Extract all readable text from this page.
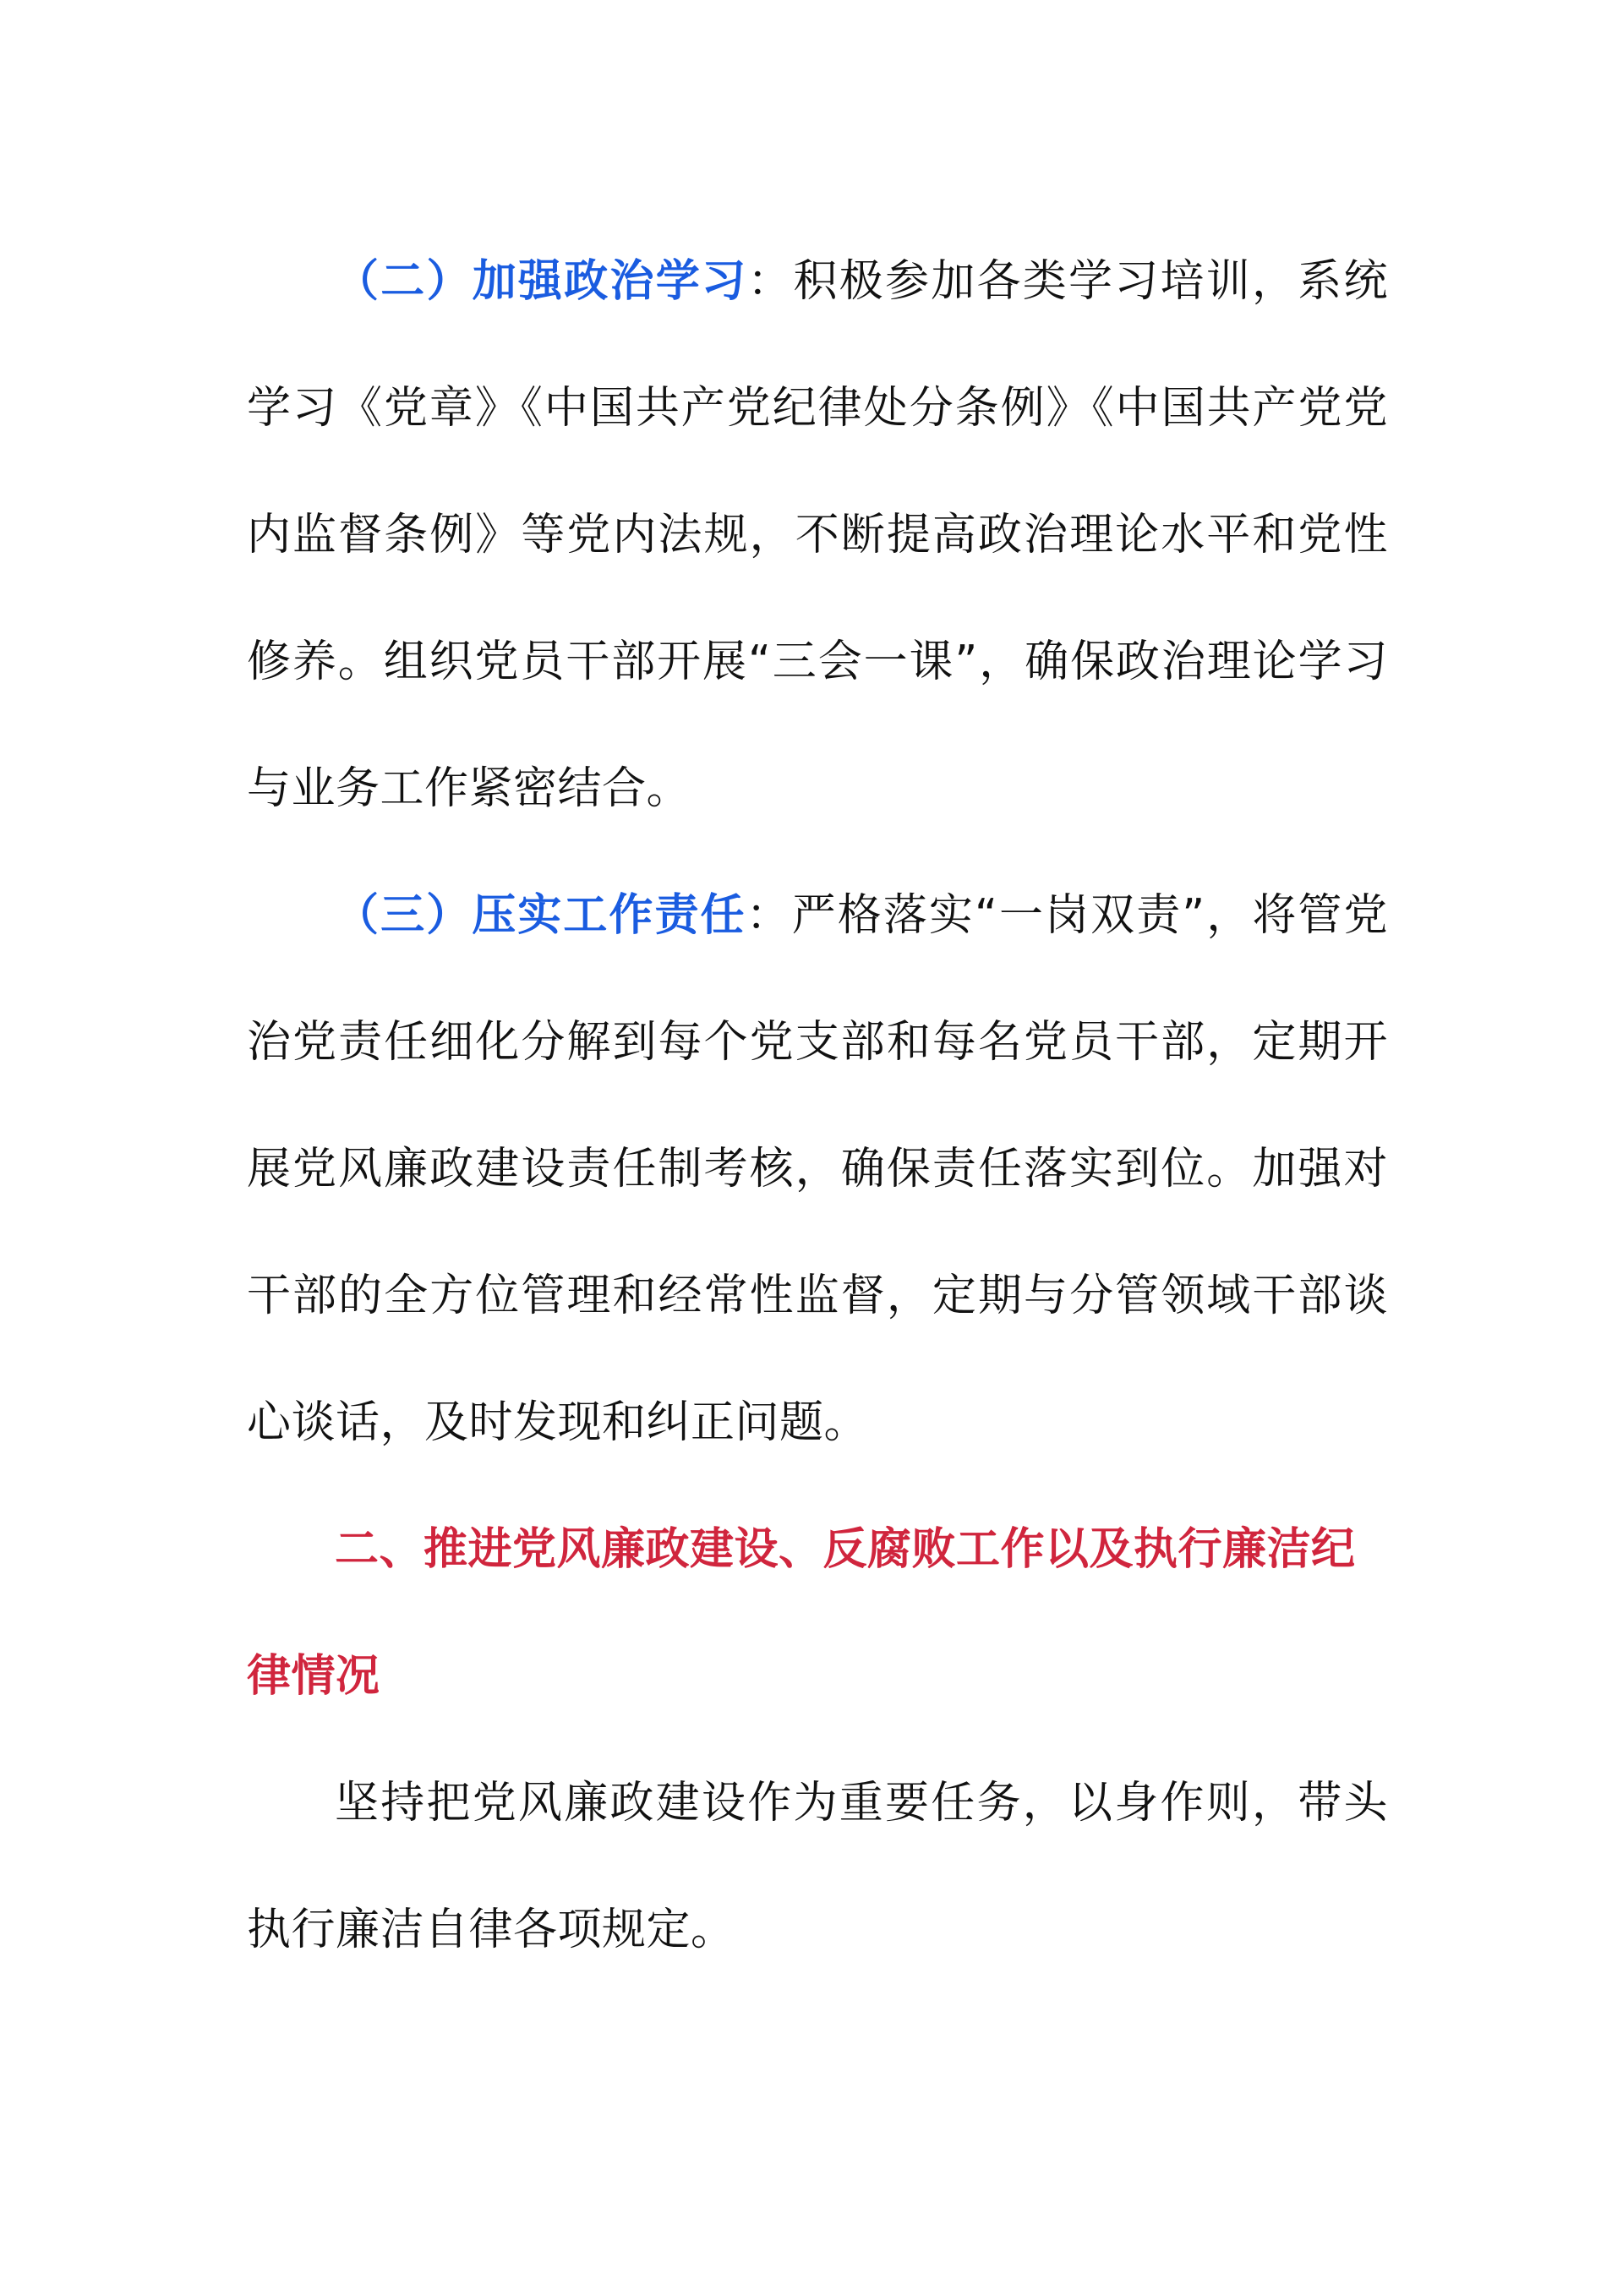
（二）加强政治学习：积极参加各类学习培训，系统学习《党章》《中国共产党纪律处分条例》《中国共产党党内监督条例》等党内法规，不断提高政治理论水平和党性修养。组织党员干部开展“三会一课”，确保政治理论学习与业务工作紧密结合。

（三）压实工作责任：严格落实“一岗双责”，将管党治党责任细化分解到每个党支部和每名党员干部，定期开展党风廉政建设责任制考核，确保责任落实到位。加强对干部的全方位管理和经常性监督，定期与分管领域干部谈心谈话，及时发现和纠正问题。

二、推进党风廉政建设、反腐败工作以及执行廉洁纪律情况

坚持把党风廉政建设作为重要任务，以身作则，带头执行廉洁自律各项规定。
